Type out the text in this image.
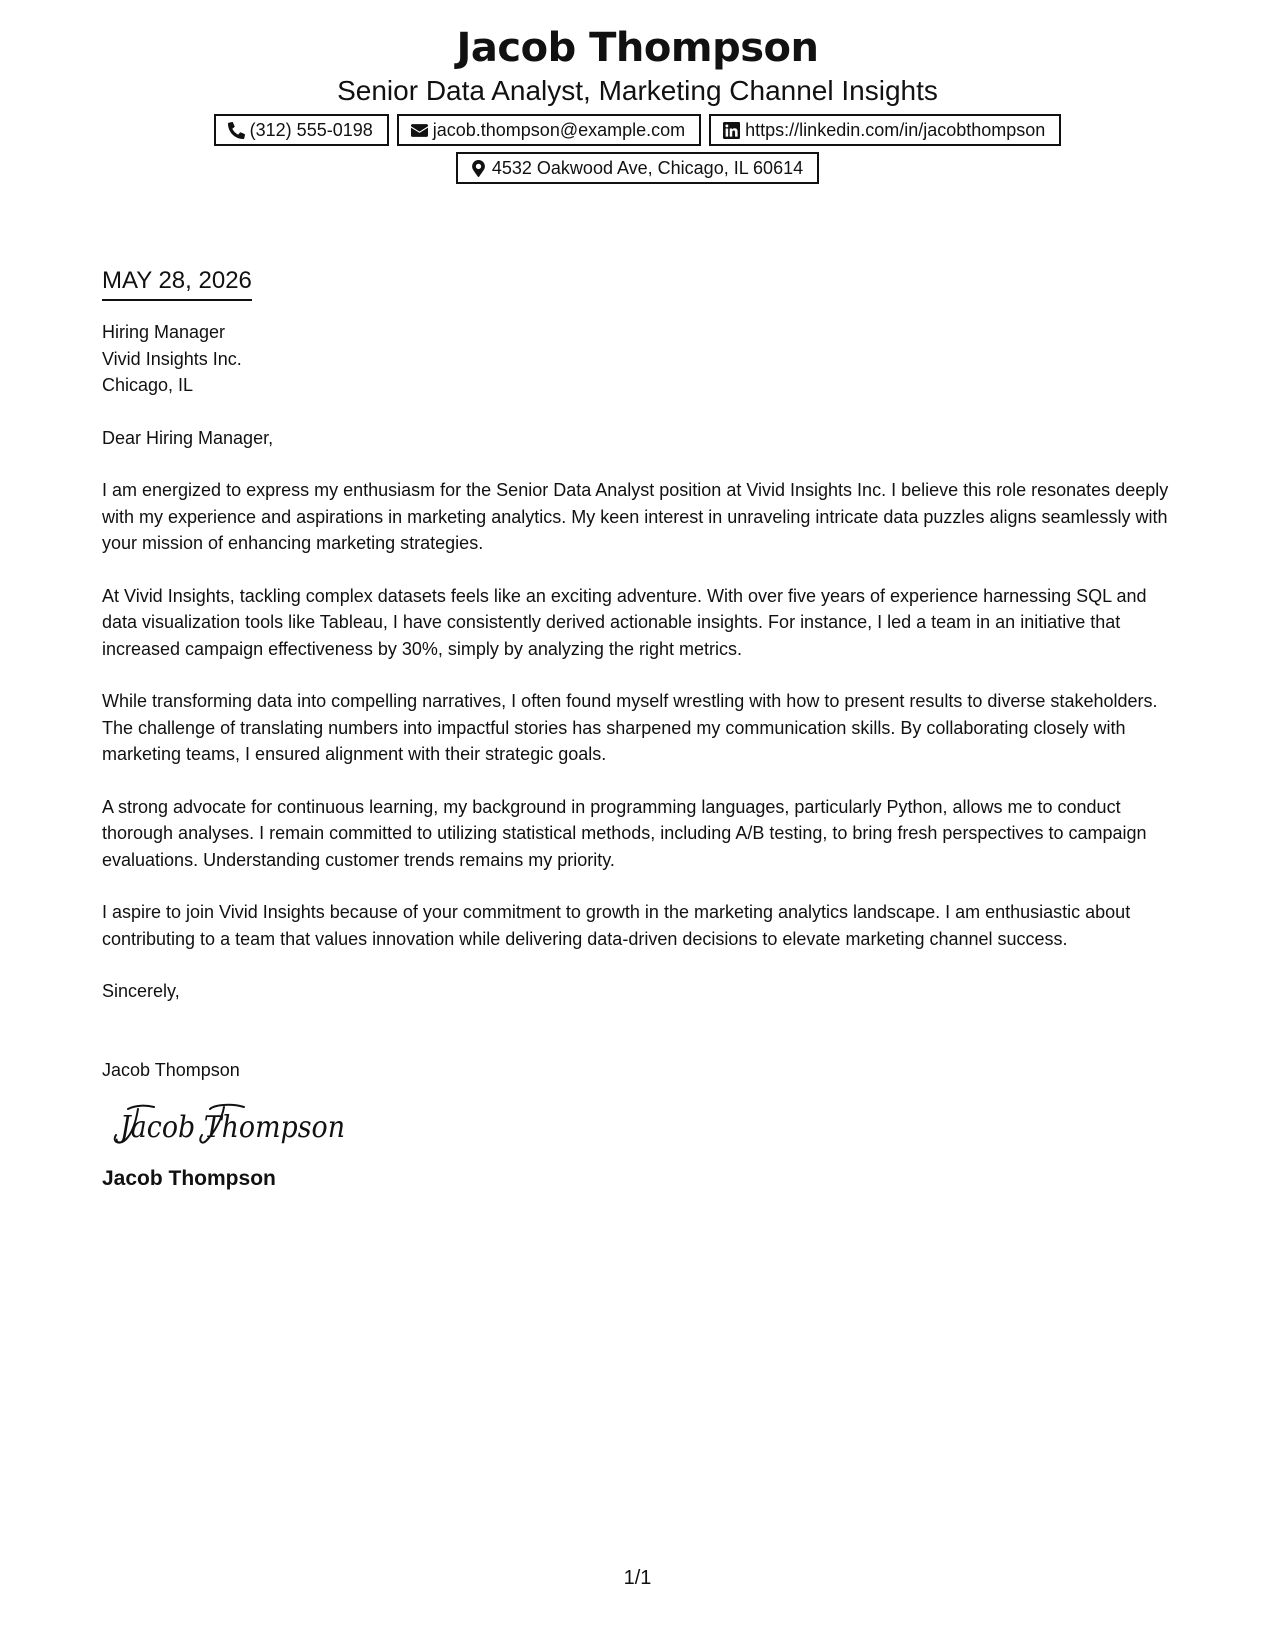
Jacob Thompson
Senior Data Analyst, Marketing Channel Insights
(312) 555-0198	jacob.thompson@example.com	https://linkedin.com/in/jacobthompson
4532 Oakwood Ave, Chicago, IL 60614
MAY 28, 2026

Hiring Manager

Vivid Insights Inc.

Chicago, IL

Dear Hiring Manager,

I am energized to express my enthusiasm for the Senior Data Analyst position at Vivid Insights Inc. I believe this role resonates deeply with my experience and aspirations in marketing analytics. My keen interest in unraveling intricate data puzzles aligns seamlessly with your mission of enhancing marketing strategies.

At Vivid Insights, tackling complex datasets feels like an exciting adventure. With over five years of experience harnessing SQL and data visualization tools like Tableau, I have consistently derived actionable insights. For instance, I led a team in an initiative that increased campaign effectiveness by 30%, simply by analyzing the right metrics.

While transforming data into compelling narratives, I often found myself wrestling with how to present results to diverse stakeholders. The challenge of translating numbers into impactful stories has sharpened my communication skills. By collaborating closely with marketing teams, I ensured alignment with their strategic goals.

A strong advocate for continuous learning, my background in programming languages, particularly Python, allows me to conduct thorough analyses. I remain committed to utilizing statistical methods, including A/B testing, to bring fresh perspectives to campaign evaluations. Understanding customer trends remains my priority.

I aspire to join Vivid Insights because of your commitment to growth in the marketing analytics landscape. I am enthusiastic about contributing to a team that values innovation while delivering data-driven decisions to elevate marketing channel success.

Sincerely,

Jacob Thompson

Jacob Thompson

Jacob Thompson

1/1
